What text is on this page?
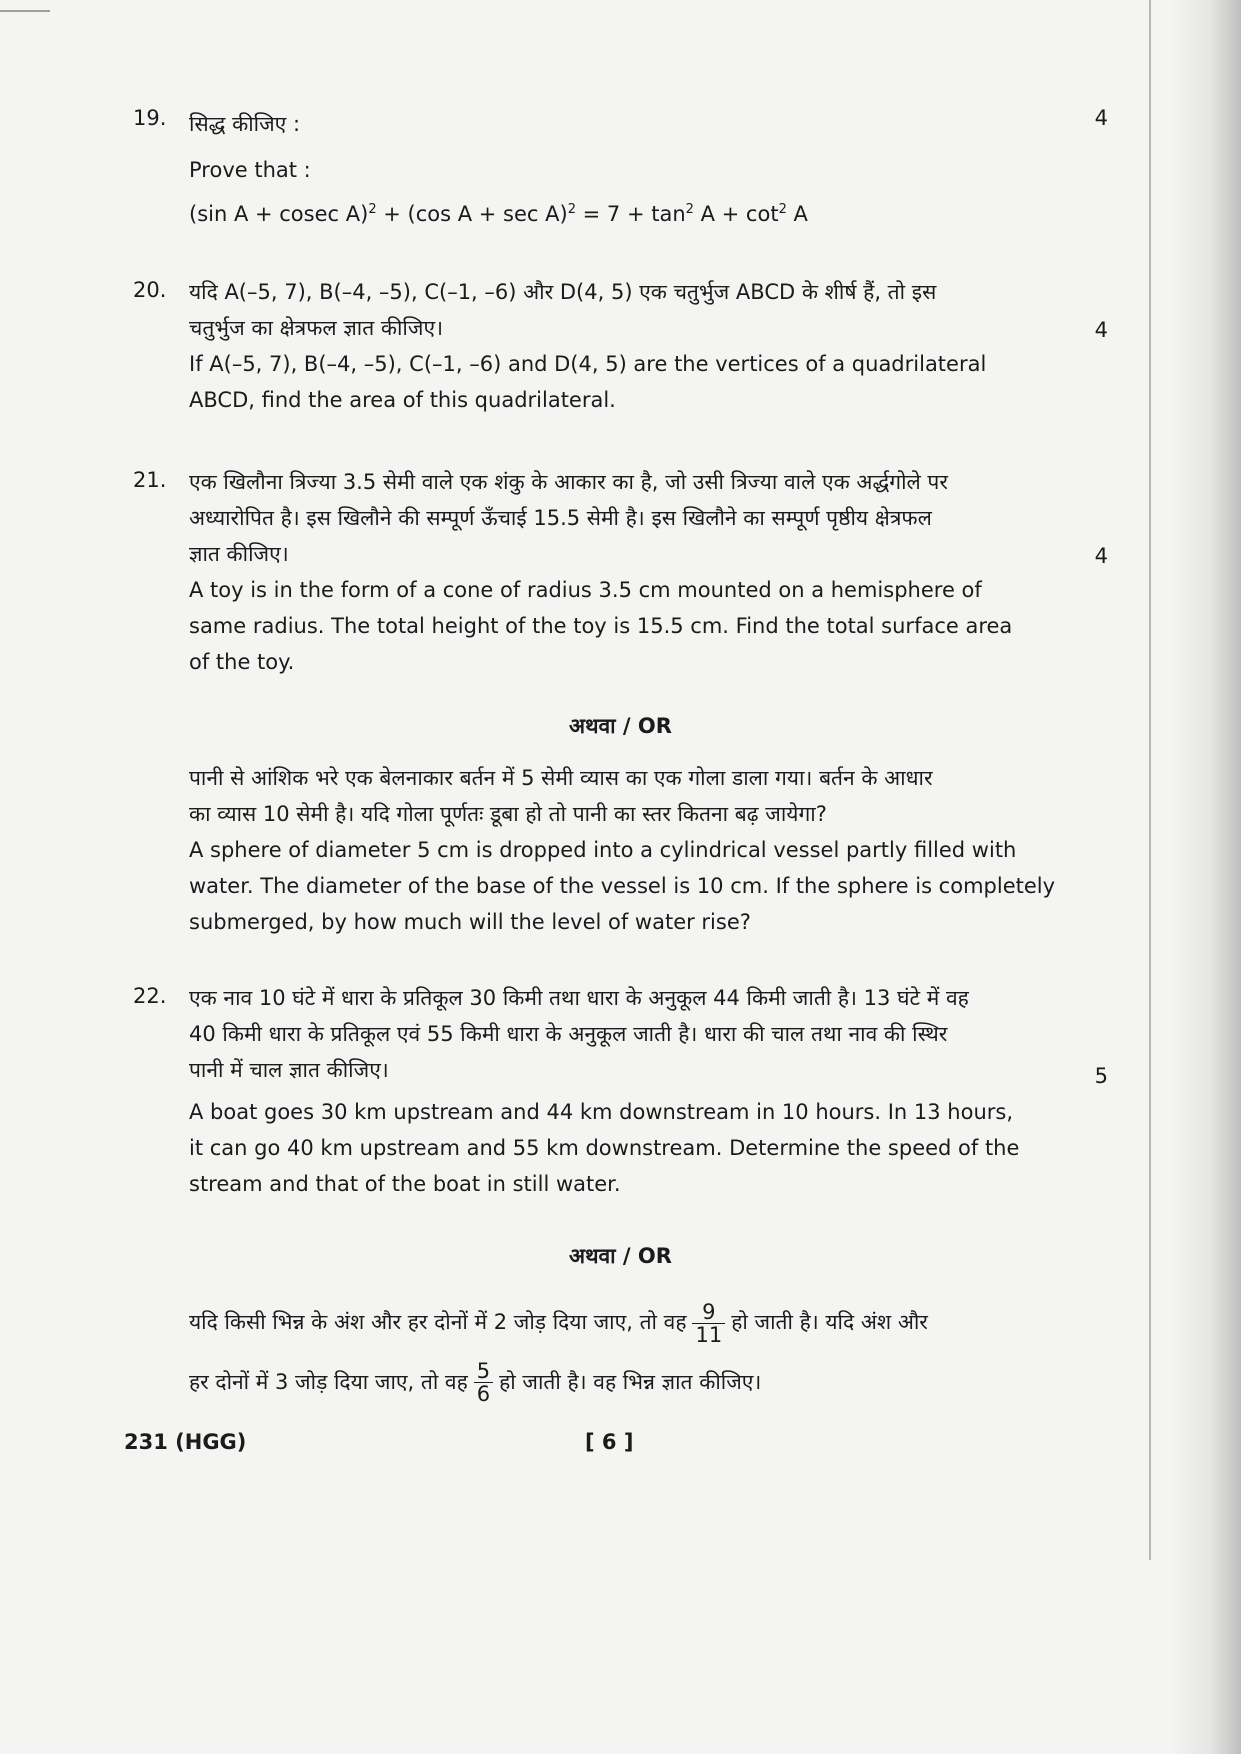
19.	4
सिद्ध कीजिए :
Prove that :
(sin A + cosec A)$^2$ + (cos $A + \sec A)^2 = 7 + \tan^2 A + \cot^2 A$
20.
4
यदि A(–5, 7), B(–4, –5), C(–1, –6) और D(4, 5) एक चतुर्भुज ABCD के शीर्ष हैं, तो इस
चतुर्भुज का क्षेत्रफल ज्ञात कीजिए।
If A(–5, 7), B(–4, –5), C(–1, –6) and D(4, 5) are the vertices of a quadrilateral
ABCD, find the area of this quadrilateral.
21.
4
एक खिलौना त्रिज्या 3.5 सेमी वाले एक शंकु के आकार का है, जो उसी त्रिज्या वाले एक अर्द्धगोले पर
अध्यारोपित है। इस खिलौने की सम्पूर्ण ऊँचाई 15.5 सेमी है। इस खिलौने का सम्पूर्ण पृष्ठीय क्षेत्रफल
ज्ञात कीजिए।
A toy is in the form of a cone of radius 3.5 cm mounted on a hemisphere of
same radius. The total height of the toy is 15.5 cm. Find the total surface area
of the toy.
अथवा / OR
पानी से आंशिक भरे एक बेलनाकार बर्तन में 5 सेमी व्यास का एक गोला डाला गया। बर्तन के आधार
का व्यास 10 सेमी है। यदि गोला पूर्णतः डूबा हो तो पानी का स्तर कितना बढ़ जायेगा?
A sphere of diameter 5 cm is dropped into a cylindrical vessel partly filled with
water. The diameter of the base of the vessel is 10 cm. If the sphere is completely
submerged, by how much will the level of water rise?
22.
5
एक नाव 10 घंटे में धारा के प्रतिकूल 30 किमी तथा धारा के अनुकूल 44 किमी जाती है। 13 घंटे में वह
40 किमी धारा के प्रतिकूल एवं 55 किमी धारा के अनुकूल जाती है। धारा की चाल तथा नाव की स्थिर
पानी में चाल ज्ञात कीजिए।
A boat goes 30 km upstream and 44 km downstream in 10 hours. In 13 hours,
it can go 40 km upstream and 55 km downstream. Determine the speed of the
stream and that of the boat in still water.
अथवा / OR
यदि किसी भिन्न के अंश और हर दोनों में 2 जोड़ दिया जाए, तो वह $\frac{9}{11}$ हो जाती है। यदि अंश और
हर दोनों में 3 जोड़ दिया जाए, तो वह $\frac{5}{6}$ हो जाती है। वह भिन्न ज्ञात कीजिए।
231 (HGG)	[ 6 ]
